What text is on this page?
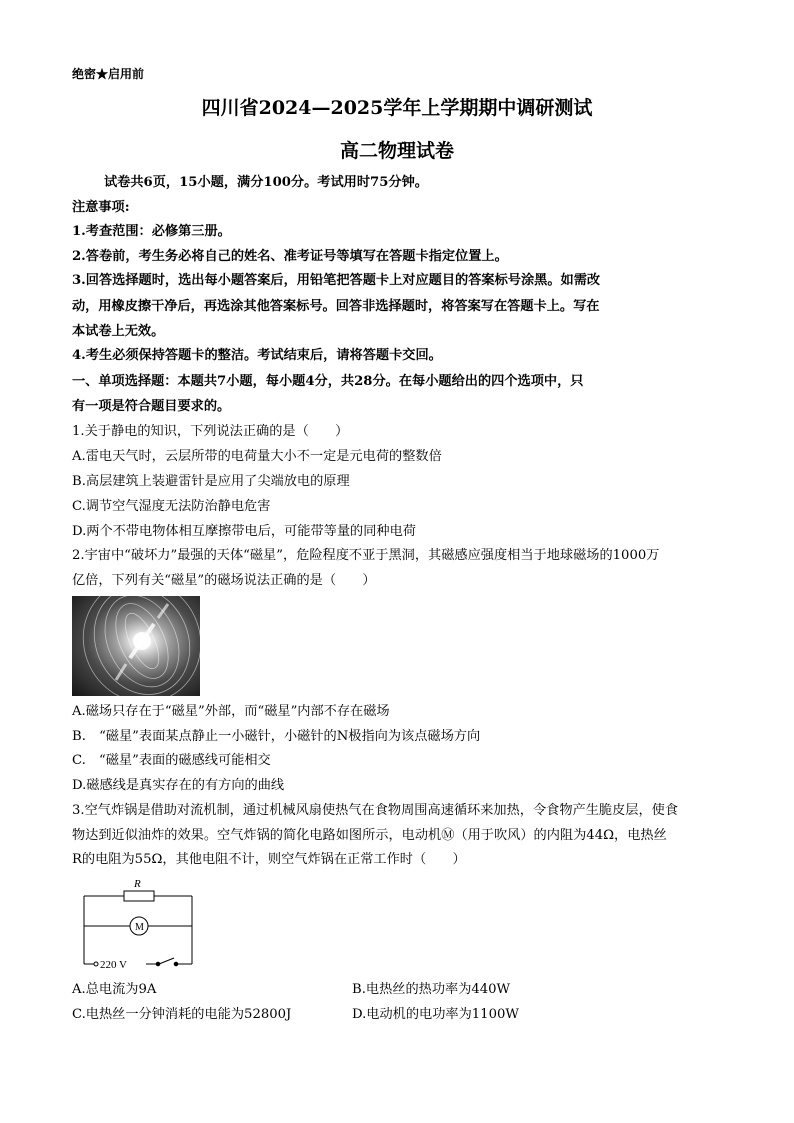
绝密★启用前
四川省2024—2025学年上学期期中调研测试
高二物理试卷
试卷共6页，15小题，满分100分。考试用时75分钟。
注意事项:
1.考查范围：必修第三册。
2.答卷前，考生务必将自己的姓名、准考证号等填写在答题卡指定位置上。
3.回答选择题时，选出每小题答案后，用铅笔把答题卡上对应题目的答案标号涂黑。如需改
动，用橡皮擦干净后，再选涂其他答案标号。回答非选择题时，将答案写在答题卡上。写在
本试卷上无效。
4.考生必须保持答题卡的整洁。考试结束后，请将答题卡交回。
一、单项选择题：本题共7小题，每小题4分，共28分。在每小题给出的四个选项中，只
有一项是符合题目要求的。
1.关于静电的知识，下列说法正确的是（　　）
A.雷电天气时，云层所带的电荷量大小不一定是元电荷的整数倍
B.高层建筑上装避雷针是应用了尖端放电的原理
C.调节空气湿度无法防治静电危害
D.两个不带电物体相互摩擦带电后，可能带等量的同种电荷
2.宇宙中“破坏力”最强的天体“磁星”，危险程度不亚于黑洞，其磁感应强度相当于地球磁场的1000万
亿倍，下列有关“磁星”的磁场说法正确的是（　　）
A.磁场只存在于“磁星”外部，而“磁星”内部不存在磁场
B.　“磁星”表面某点静止一小磁针，小磁针的N极指向为该点磁场方向
C.　“磁星”表面的磁感线可能相交
D.磁感线是真实存在的有方向的曲线
3.空气炸锅是借助对流机制，通过机械风扇使热气在食物周围高速循环来加热，令食物产生脆皮层，使食
物达到近似油炸的效果。空气炸锅的简化电路如图所示，电动机Ⓜ（用于吹风）的内阻为44Ω，电热丝
R的电阻为55Ω，其他电阻不计，则空气炸锅在正常工作时（　　）
R
M
220 V
A.总电流为9A	B.电热丝的热功率为440W
C.电热丝一分钟消耗的电能为52800J	D.电动机的电功率为1100W
